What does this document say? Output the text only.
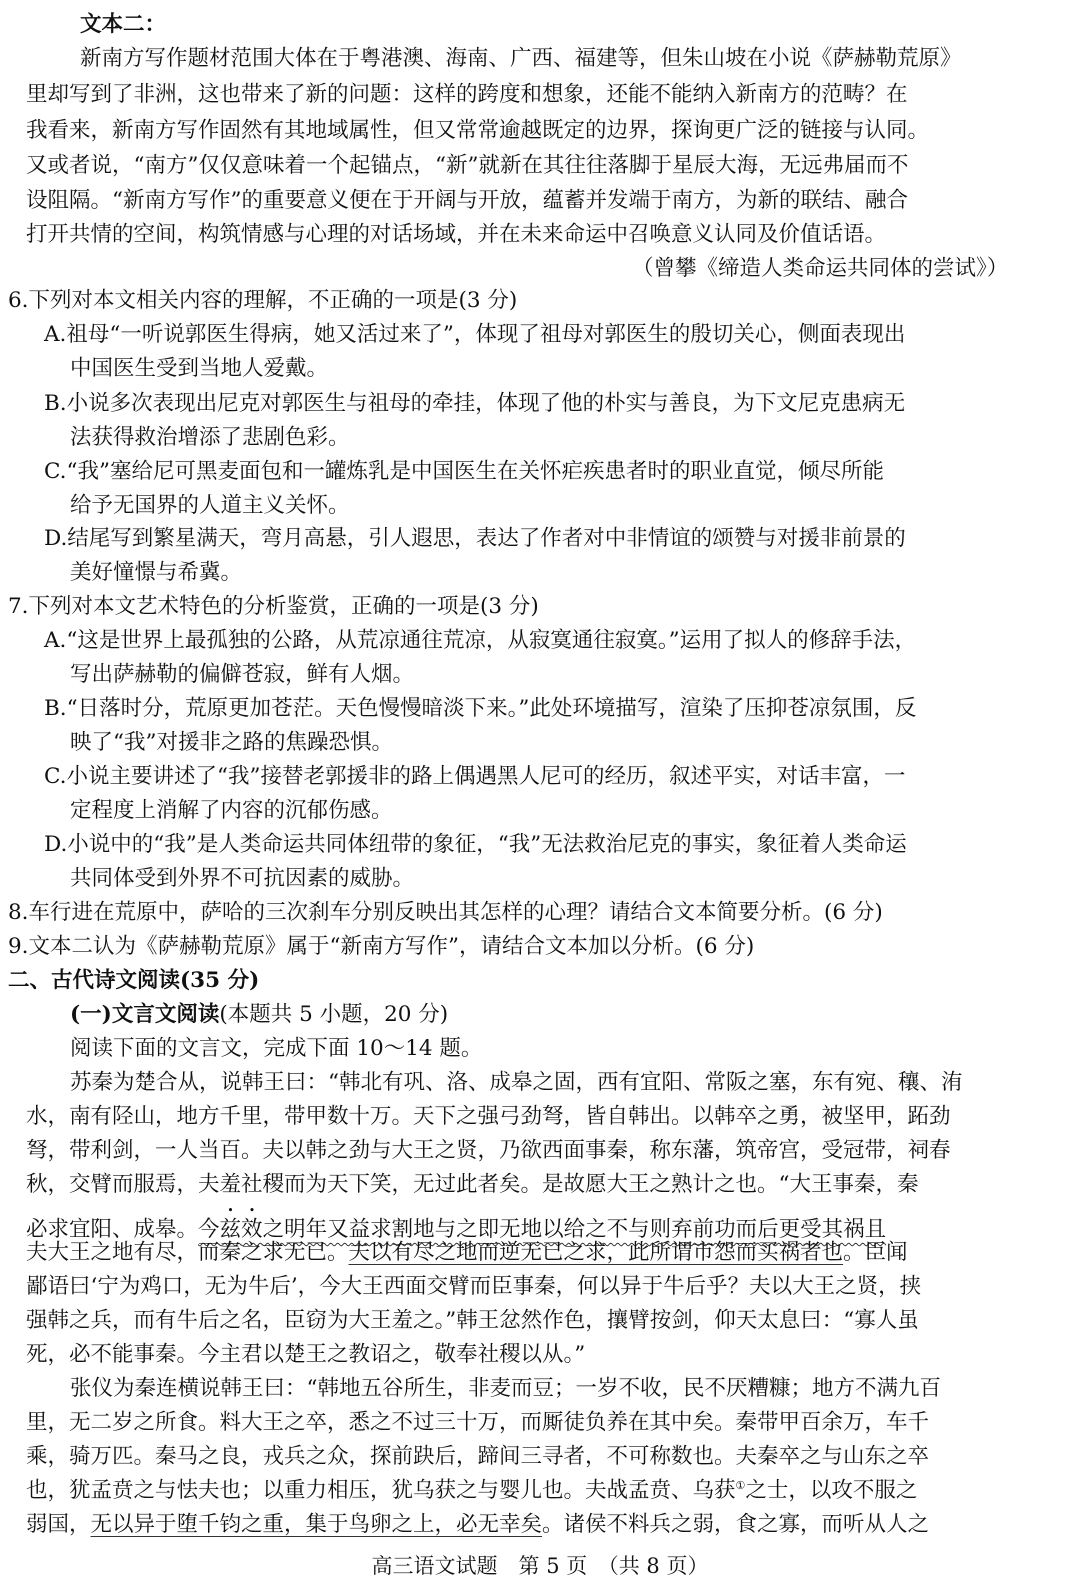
文本二：
新南方写作题材范围大体在于粤港澳、海南、广西、福建等，但朱山坡在小说《萨赫勒荒原》
里却写到了非洲，这也带来了新的问题：这样的跨度和想象，还能不能纳入新南方的范畴？在
我看来，新南方写作固然有其地域属性，但又常常逾越既定的边界，探询更广泛的链接与认同。
又或者说，“南方”仅仅意味着一个起锚点，“新”就新在其往往落脚于星辰大海，无远弗届而不
设阻隔。“新南方写作”的重要意义便在于开阔与开放，蕴蓄并发端于南方，为新的联结、融合
打开共情的空间，构筑情感与心理的对话场域，并在未来命运中召唤意义认同及价值话语。
（曾攀《缔造人类命运共同体的尝试》）
6.下列对本文相关内容的理解，不正确的一项是(3 分)
A.祖母“一听说郭医生得病，她又活过来了”，体现了祖母对郭医生的殷切关心，侧面表现出
中国医生受到当地人爱戴。
B.小说多次表现出尼克对郭医生与祖母的牵挂，体现了他的朴实与善良，为下文尼克患病无
法获得救治增添了悲剧色彩。
C.“我”塞给尼可黑麦面包和一罐炼乳是中国医生在关怀疟疾患者时的职业直觉，倾尽所能
给予无国界的人道主义关怀。
D.结尾写到繁星满天，弯月高悬，引人遐思，表达了作者对中非情谊的颂赞与对援非前景的
美好憧憬与希冀。
7.下列对本文艺术特色的分析鉴赏，正确的一项是(3 分)
A.“这是世界上最孤独的公路，从荒凉通往荒凉，从寂寞通往寂寞。”运用了拟人的修辞手法，
写出萨赫勒的偏僻苍寂，鲜有人烟。
B.“日落时分，荒原更加苍茫。天色慢慢暗淡下来。”此处环境描写，渲染了压抑苍凉氛围，反
映了“我”对援非之路的焦躁恐惧。
C.小说主要讲述了“我”接替老郭援非的路上偶遇黑人尼可的经历，叙述平实，对话丰富，一
定程度上消解了内容的沉郁伤感。
D.小说中的“我”是人类命运共同体纽带的象征，“我”无法救治尼克的事实，象征着人类命运
共同体受到外界不可抗因素的威胁。
8.车行进在荒原中，萨哈的三次刹车分别反映出其怎样的心理？请结合文本简要分析。(6 分)
9.文本二认为《萨赫勒荒原》属于“新南方写作”，请结合文本加以分析。(6 分)
二、古代诗文阅读(35 分)
(一)文言文阅读(本题共 5 小题，20 分)
阅读下面的文言文，完成下面 10～14 题。
苏秦为楚合从，说韩王曰：“韩北有巩、洛、成皋之固，西有宜阳、常阪之塞，东有宛、穰、洧
水，南有陉山，地方千里，带甲数十万。天下之强弓劲弩，皆自韩出。以韩卒之勇，被坚甲，跖劲
弩，带利剑，一人当百。夫以韩之劲与大王之贤，乃欲西面事秦，称东藩，筑帝宫，受冠带，祠春
秋，交臂而服焉，夫羞社稷而为天下笑，无过此者矣。是故愿大王之熟计之也。“大王事秦，秦
必求宜阳、成皋。今兹效之明年又益求割地与之即无地以给之不与则弃前功而后更受其祸且
夫大王之地有尽，而秦之求无已。夫以有尽之地而逆无已之求，此所谓市怨而买祸者也。臣闻
鄙语曰‘宁为鸡口，无为牛后’，今大王西面交臂而臣事秦，何以异于牛后乎？夫以大王之贤，挟
强韩之兵，而有牛后之名，臣窃为大王羞之。”韩王忿然作色，攘臂按剑，仰天太息曰：“寡人虽
死，必不能事秦。今主君以楚王之教诏之，敬奉社稷以从。”
张仪为秦连横说韩王曰：“韩地五谷所生，非麦而豆；一岁不收，民不厌糟糠；地方不满九百
里，无二岁之所食。料大王之卒，悉之不过三十万，而厮徒负养在其中矣。秦带甲百余万，车千
乘，骑万匹。秦马之良，戎兵之众，探前趹后，蹄间三寻者，不可称数也。夫秦卒之与山东之卒
也，犹孟贲之与怯夫也；以重力相压，犹乌获之与婴儿也。夫战孟贲、乌获①之士，以攻不服之
弱国，无以异于堕千钧之重，集于鸟卵之上，必无幸矣。诸侯不料兵之弱，食之寡，而听从人之
高三语文试题　第 5 页　（共 8 页）
